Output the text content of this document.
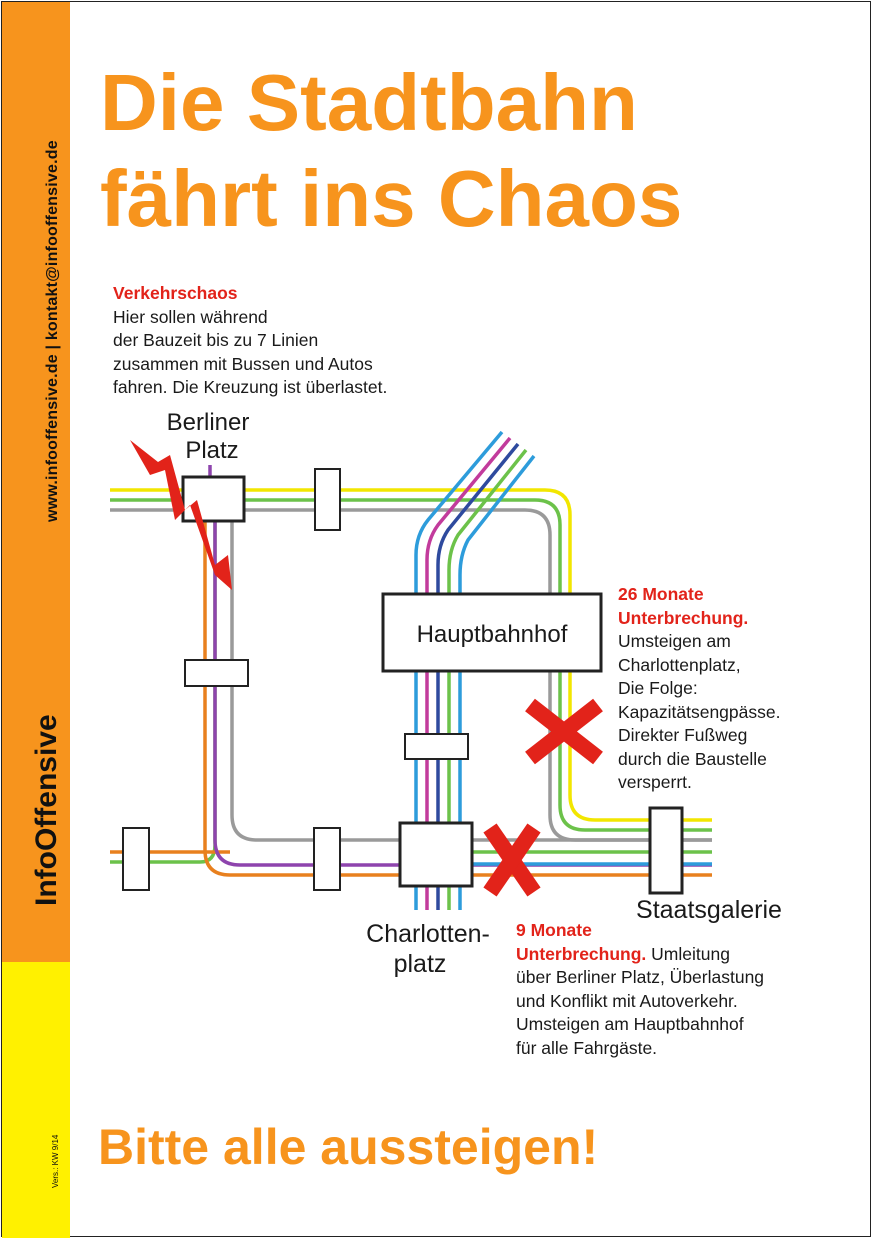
www.infooffensive.de | kontakt@infooffensive.de
InfoOffensive
Vers.: KW 9/14
Die Stadtbahn
fährt ins Chaos
Berliner
Platz
Hauptbahnhof
Charlotten-
platz
Staatsgalerie
Verkehrschaos
Hier sollen während
der Bauzeit bis zu 7 Linien
zusammen mit Bussen und Autos
fahren. Die Kreuzung ist überlastet.
26 Monate
Unterbrechung.
Umsteigen am
Charlottenplatz,
Die Folge:
Kapazitätsengpässe.
Direkter Fußweg
durch die Baustelle
versperrt.
9 Monate
Unterbrechung. Umleitung
über Berliner Platz, Überlastung
und Konflikt mit Autoverkehr.
Umsteigen am Hauptbahnhof
für alle Fahrgäste.
Bitte alle aussteigen!
